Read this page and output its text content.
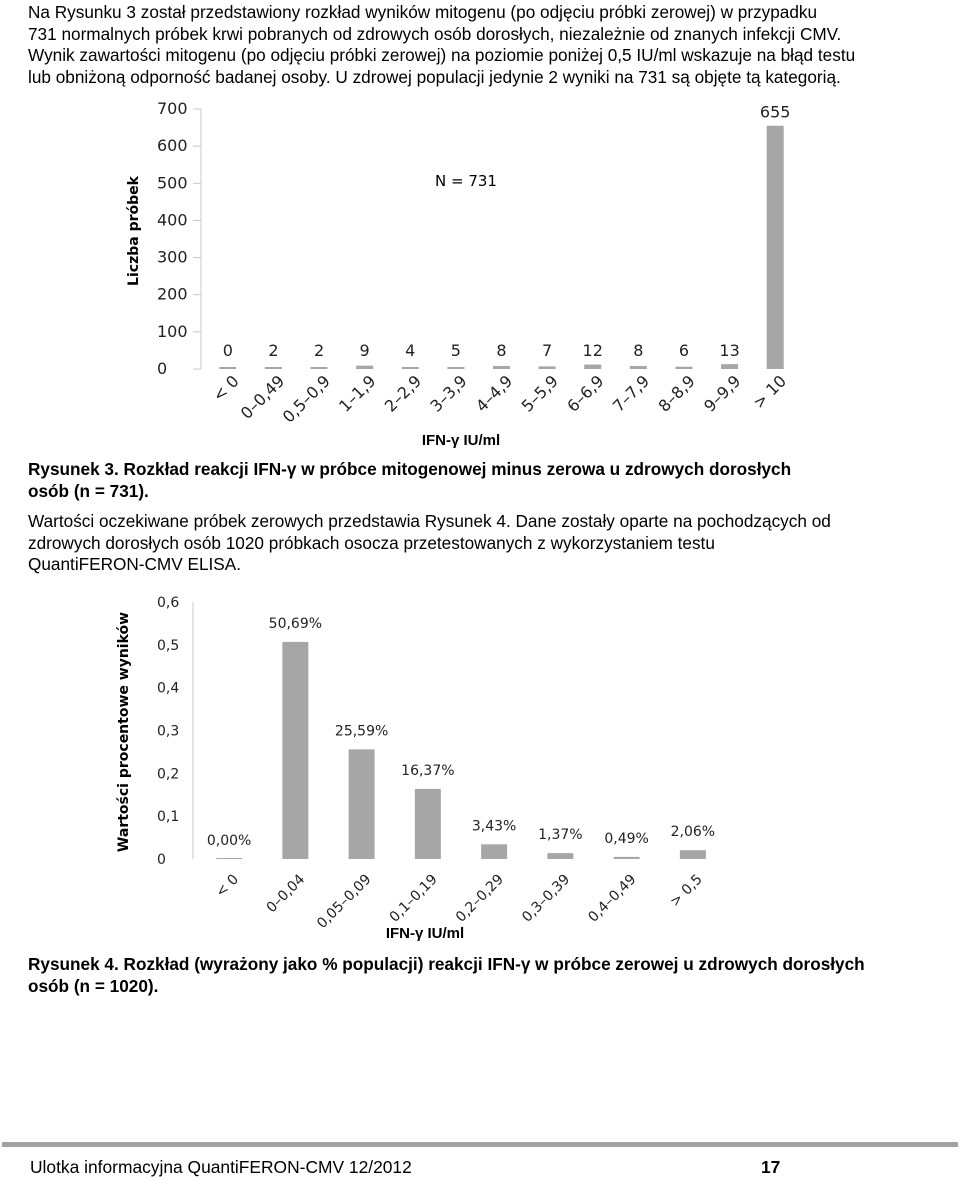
Na Rysunku 3 został przedstawiony rozkład wyników mitogenu (po odjęciu próbki zerowej) w przypadku
731 normalnych próbek krwi pobranych od zdrowych osób dorosłych, niezależnie od znanych infekcji CMV.
Wynik zawartości mitogenu (po odjęciu próbki zerowej) na poziomie poniżej 0,5 IU/ml wskazuje na błąd testu
lub obniżoną odporność badanej osoby. U zdrowej populacji jedynie 2 wyniki na 731 są objęte tą kategorią.
0
100
200
300
400
500
600
700
Liczba próbek
0
< 0
2
0–0,49
2
0,5–0,9
9
1–1,9
4
2–2,9
5
3–3,9
8
4–4,9
7
5–5,9
12
6–6,9
8
7–7,9
6
8–8,9
13
9–9,9
655
> 10
N = 731
IFN-γ IU/ml
Rysunek 3. Rozkład reakcji IFN-γ w próbce mitogenowej minus zerowa u zdrowych dorosłych
osób (n = 731).
Wartości oczekiwane próbek zerowych przedstawia Rysunek 4. Dane zostały oparte na pochodzących od
zdrowych dorosłych osób 1020 próbkach osocza przetestowanych z wykorzystaniem testu
QuantiFERON-CMV ELISA.
0
0,1
0,2
0,3
0,4
0,5
0,6
Wartości procentowe wyników	0,00%
< 0
50,69%
0–0,04
25,59%
0,05–0,09
16,37%
0,1–0,19
3,43%
0,2–0,29
1,37%
0,3–0,39
0,49%
0,4–0,49
2,06%
> 0,5
IFN-γ IU/ml
Rysunek 4. Rozkład (wyrażony jako % populacji) reakcji IFN-γ w próbce zerowej u zdrowych dorosłych
osób (n = 1020).
Ulotka informacyjna QuantiFERON-CMV 12/2012	17
